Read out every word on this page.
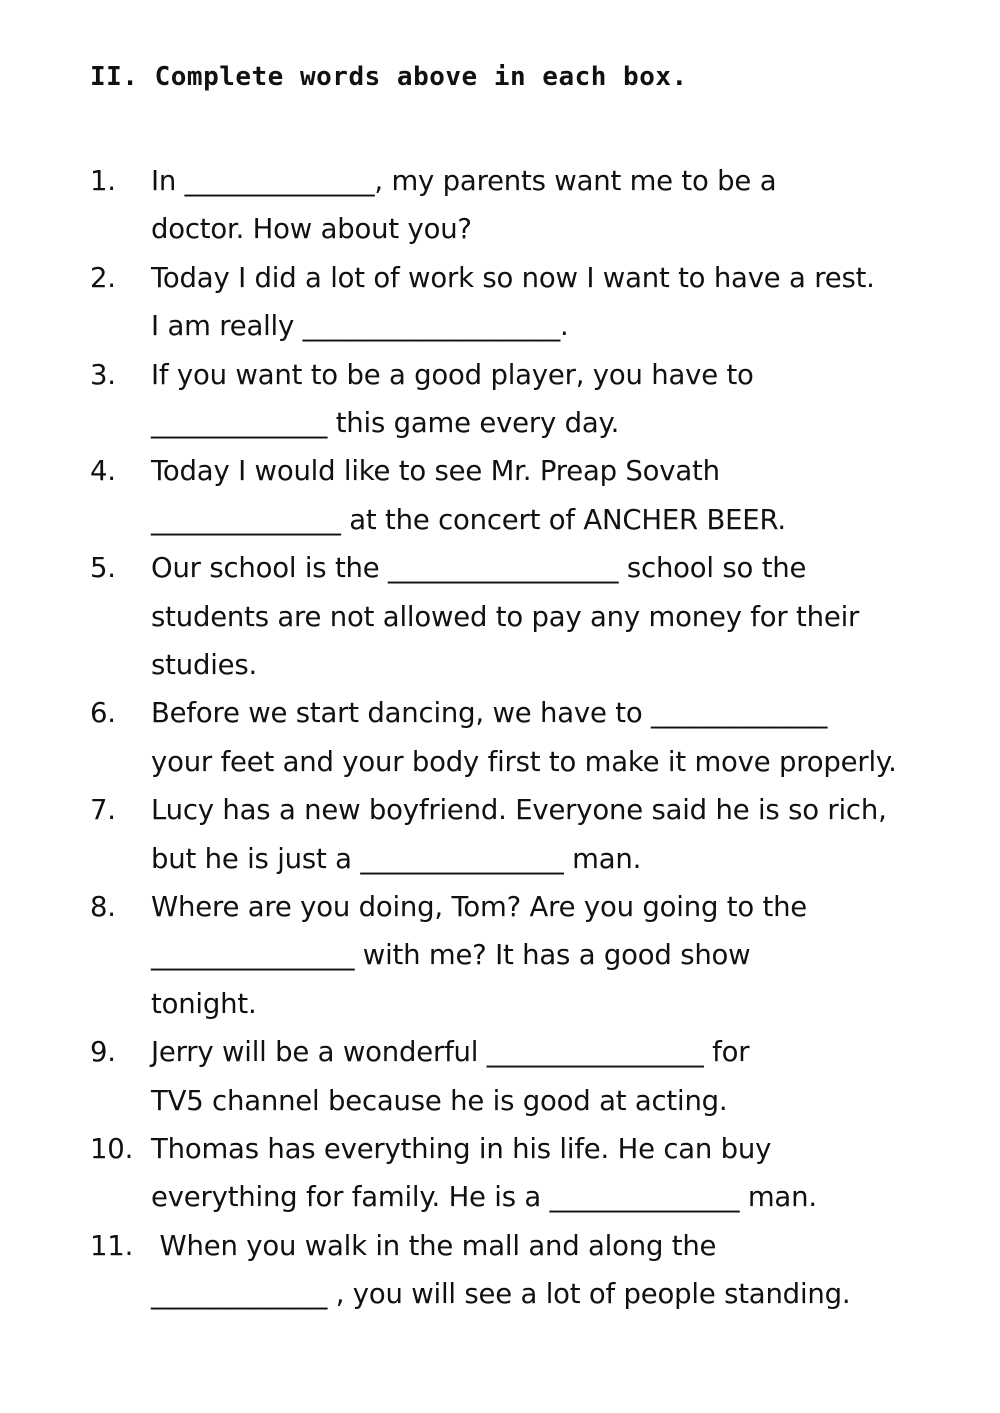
II. Complete words above in each box.
1.	In ______________, my parents want me to be a
doctor. How about you?
2.	Today I did a lot of work so now I want to have a rest.
I am really ___________________.
3.	If you want to be a good player, you have to
_____________ this game every day.
4.	Today I would like to see Mr. Preap Sovath
______________ at the concert of ANCHER BEER.
5.	Our school is the _________________ school so the
students are not allowed to pay any money for their
studies.
6.	Before we start dancing, we have to _____________
your feet and your body first to make it move properly.
7.	Lucy has a new boyfriend. Everyone said he is so rich,
but he is just a _______________ man.
8.	Where are you doing, Tom? Are you going to the
_______________ with me? It has a good show
tonight.
9.	Jerry will be a wonderful ________________ for
TV5 channel because he is good at acting.
10. Thomas has everything in his life. He can buy
everything for family. He is a ______________ man.
11. When you walk in the mall and along the
_____________ , you will see a lot of people standing.
